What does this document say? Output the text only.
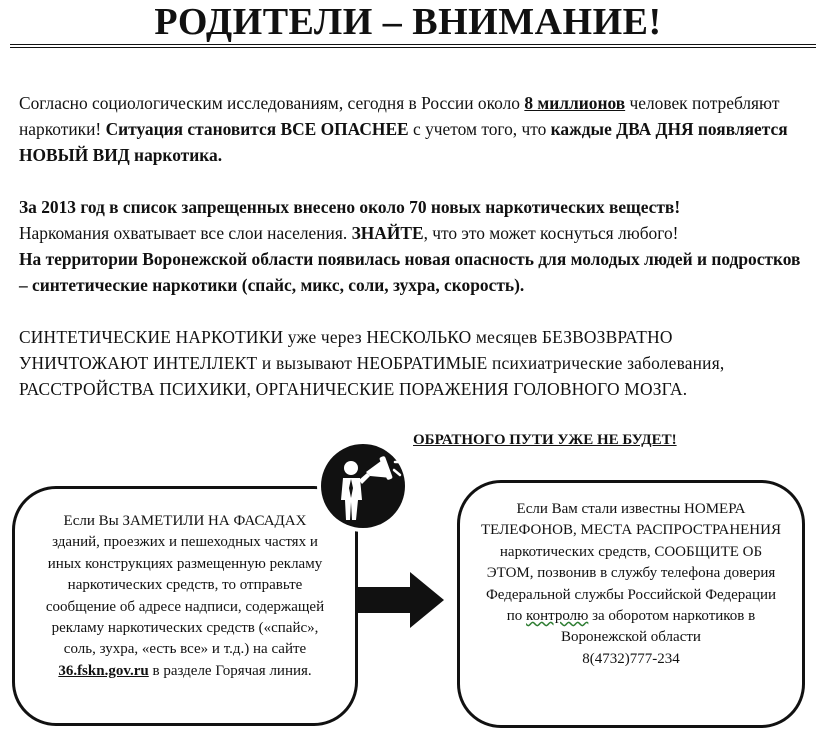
РОДИТЕЛИ – ВНИМАНИЕ!
Согласно социологическим исследованиям, сегодня в России около 8 миллионов человек потребляют наркотики! Ситуация становится ВСЕ ОПАСНЕЕ с учетом того, что каждые ДВА ДНЯ появляется НОВЫЙ ВИД наркотика.
За 2013 год в список запрещенных внесено около 70 новых наркотических веществ!
Наркомания охватывает все слои населения. ЗНАЙТЕ, что это может коснуться любого!
На территории Воронежской области появилась новая опасность для молодых людей и подростков – синтетические наркотики (спайс, микс, соли, зухра, скорость).
СИНТЕТИЧЕСКИЕ НАРКОТИКИ уже через НЕСКОЛЬКО месяцев БЕЗВОЗВРАТНО УНИЧТОЖАЮТ ИНТЕЛЛЕКТ и вызывают НЕОБРАТИМЫЕ психиатрические заболевания, РАССТРОЙСТВА ПСИХИКИ, ОРГАНИЧЕСКИЕ ПОРАЖЕНИЯ ГОЛОВНОГО МОЗГА.
ОБРАТНОГО ПУТИ УЖЕ НЕ БУДЕТ!
Если Вы ЗАМЕТИЛИ НА ФАСАДАХ зданий, проезжих и пешеходных частях и иных конструкциях размещенную рекламу наркотических средств, то отправьте сообщение об адресе надписи, содержащей рекламу наркотических средств («спайс», соль, зухра, «есть все» и т.д.) на сайте 36.fskn.gov.ru в разделе Горячая линия.
Если Вам стали известны НОМЕРА ТЕЛЕФОНОВ, МЕСТА РАСПРОСТРАНЕНИЯ наркотических средств, СООБЩИТЕ ОБ ЭТОМ, позвонив в службу телефона доверия Федеральной службы Российской Федерации по контролю за оборотом наркотиков в Воронежской области
8(4732)777-234
